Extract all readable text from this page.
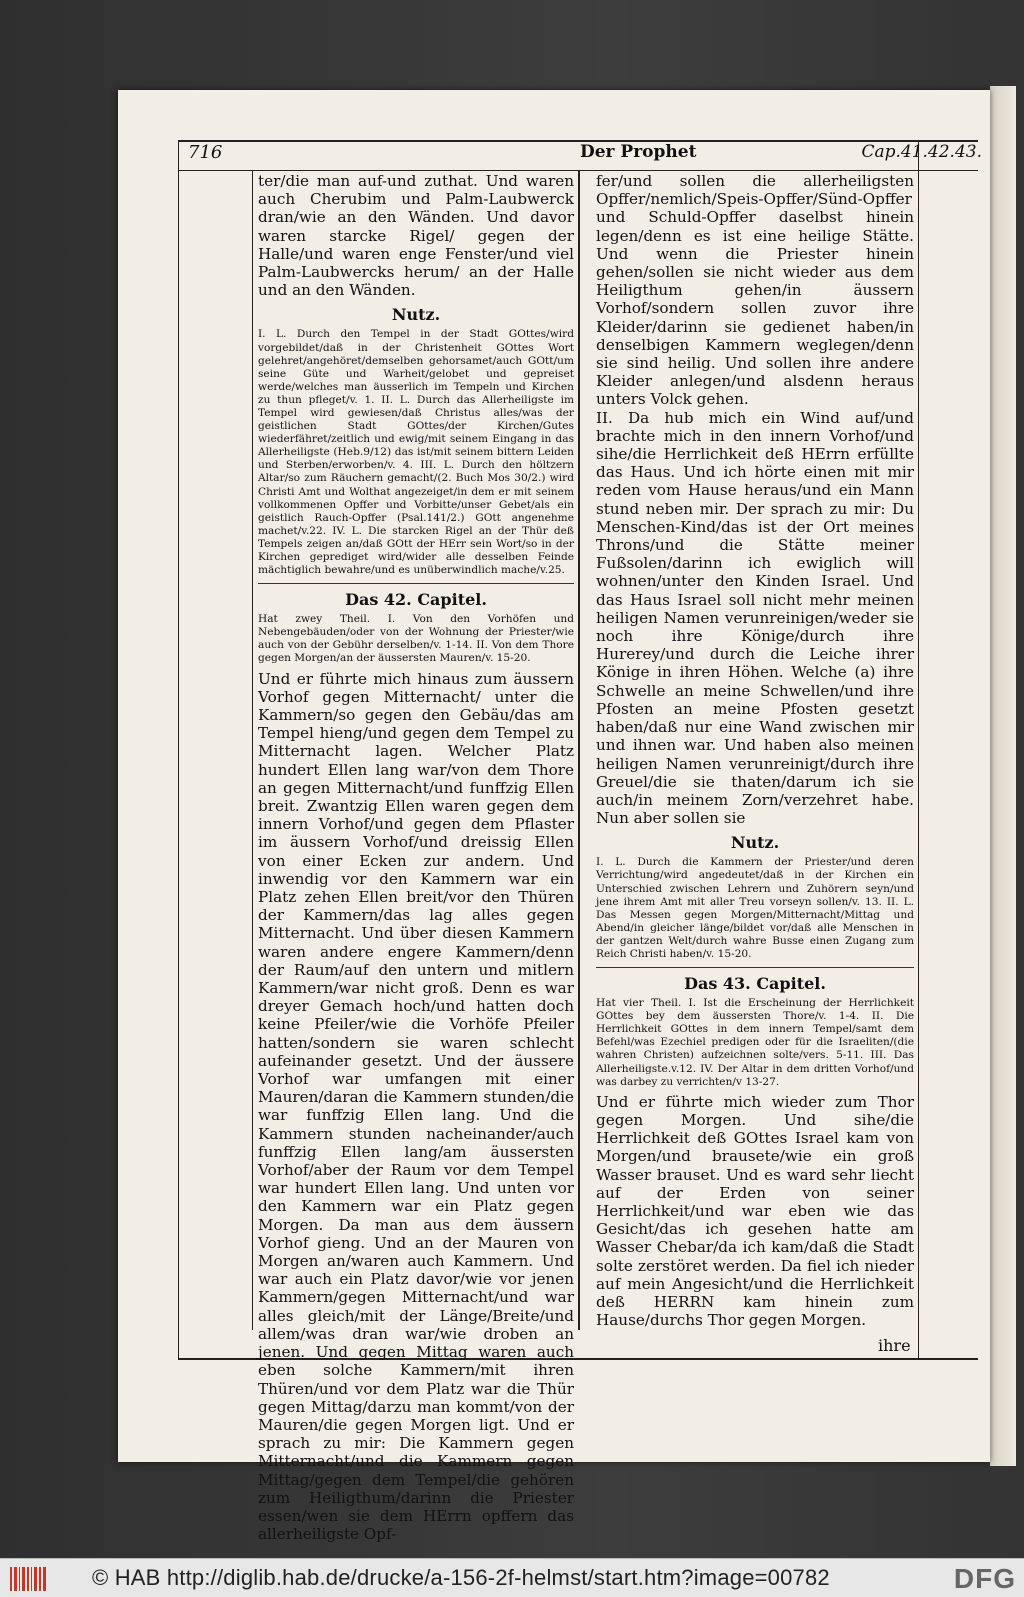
716	Der Prophet	Cap.41.42.43.

ter/die man auf-und zuthat. Und waren auch Cherubim und Palm-Laubwerck dran/wie an den Wänden. Und davor waren starcke Rigel/ gegen der Halle/und waren enge Fenster/und viel Palm-Laubwercks herum/ an der Halle und an den Wänden.

Nutz.

I. L. Durch den Tempel in der Stadt GOttes/wird vorgebildet/daß in der Christenheit GOttes Wort gelehret/angehöret/demselben gehorsamet/auch GOtt/um seine Güte und Warheit/gelobet und gepreiset werde/welches man äusserlich im Tempeln und Kirchen zu thun pfleget/v. 1. II. L. Durch das Allerheiligste im Tempel wird gewiesen/daß Christus alles/was der geistlichen Stadt GOttes/der Kirchen/Gutes wiederfähret/zeitlich und ewig/mit seinem Eingang in das Allerheiligste (Heb.9/12) das ist/mit seinem bittern Leiden und Sterben/erworben/v. 4. III. L. Durch den höltzern Altar/so zum Räuchern gemacht/(2. Buch Mos 30/2.) wird Christi Amt und Wolthat angezeiget/in dem er mit seinem vollkommenen Opffer und Vorbitte/unser Gebet/als ein geistlich Rauch-Opffer (Psal.141/2.) GOtt angenehme machet/v.22. IV. L. Die starcken Rigel an der Thür deß Tempels zeigen an/daß GOtt der HErr sein Wort/so in der Kirchen geprediget wird/wider alle desselben Feinde mächtiglich bewahre/und es unüberwindlich mache/v.25.

Das 42. Capitel.

Hat zwey Theil. I. Von den Vorhöfen und Nebengebäuden/oder von der Wohnung der Priester/wie auch von der Gebühr derselben/v. 1-14. II. Von dem Thore gegen Morgen/an der äussersten Mauren/v. 15-20.

Und er führte mich hinaus zum äussern Vorhof gegen Mitternacht/ unter die Kammern/so gegen den Gebäu/das am Tempel hieng/und gegen dem Tempel zu Mitternacht lagen. Welcher Platz hundert Ellen lang war/von dem Thore an gegen Mitternacht/und funffzig Ellen breit. Zwantzig Ellen waren gegen dem innern Vorhof/und gegen dem Pflaster im äussern Vorhof/und dreissig Ellen von einer Ecken zur andern. Und inwendig vor den Kammern war ein Platz zehen Ellen breit/vor den Thüren der Kammern/das lag alles gegen Mitternacht. Und über diesen Kammern waren andere engere Kammern/denn der Raum/auf den untern und mitlern Kammern/war nicht groß. Denn es war dreyer Gemach hoch/und hatten doch keine Pfeiler/wie die Vorhöfe Pfeiler hatten/sondern sie waren schlecht aufeinander gesetzt. Und der äussere Vorhof war umfangen mit einer Mauren/daran die Kammern stunden/die war funffzig Ellen lang. Und die Kammern stunden nacheinander/auch funffzig Ellen lang/am äussersten Vorhof/aber der Raum vor dem Tempel war hundert Ellen lang. Und unten vor den Kammern war ein Platz gegen Morgen. Da man aus dem äussern Vorhof gieng. Und an der Mauren von Morgen an/waren auch Kammern. Und war auch ein Platz davor/wie vor jenen Kammern/gegen Mitternacht/und war alles gleich/mit der Länge/Breite/und allem/was dran war/wie droben an jenen. Und gegen Mittag waren auch eben solche Kammern/mit ihren Thüren/und vor dem Platz war die Thür gegen Mittag/darzu man kommt/von der Mauren/die gegen Morgen ligt. Und er sprach zu mir: Die Kammern gegen Mitternacht/und die Kammern gegen Mittag/gegen dem Tempel/die gehören zum Heiligthum/darinn die Priester essen/wen sie dem HErrn opffern das allerheiligste Opf-

fer/und sollen die allerheiligsten Opffer/nemlich/Speis-Opffer/Sünd-Opffer und Schuld-Opffer daselbst hinein legen/denn es ist eine heilige Stätte. Und wenn die Priester hinein gehen/sollen sie nicht wieder aus dem Heiligthum gehen/in äussern Vorhof/sondern sollen zuvor ihre Kleider/darinn sie gedienet haben/in denselbigen Kammern weglegen/denn sie sind heilig. Und sollen ihre andere Kleider anlegen/und alsdenn heraus unters Volck gehen.

II. Da hub mich ein Wind auf/und brachte mich in den innern Vorhof/und sihe/die Herrlichkeit deß HErrn erfüllte das Haus. Und ich hörte einen mit mir reden vom Hause heraus/und ein Mann stund neben mir. Der sprach zu mir: Du Menschen-Kind/das ist der Ort meines Throns/und die Stätte meiner Fußsolen/darinn ich ewiglich will wohnen/unter den Kinden Israel. Und das Haus Israel soll nicht mehr meinen heiligen Namen verunreinigen/weder sie noch ihre Könige/durch ihre Hurerey/und durch die Leiche ihrer Könige in ihren Höhen. Welche (a) ihre Schwelle an meine Schwellen/und ihre Pfosten an meine Pfosten gesetzt haben/daß nur eine Wand zwischen mir und ihnen war. Und haben also meinen heiligen Namen verunreinigt/durch ihre Greuel/die sie thaten/darum ich sie auch/in meinem Zorn/verzehret habe. Nun aber sollen sie

Nutz.

I. L. Durch die Kammern der Priester/und deren Verrichtung/wird angedeutet/daß in der Kirchen ein Unterschied zwischen Lehrern und Zuhörern seyn/und jene ihrem Amt mit aller Treu vorseyn sollen/v. 13. II. L. Das Messen gegen Morgen/Mitternacht/Mittag und Abend/in gleicher länge/bildet vor/daß alle Menschen in der gantzen Welt/durch wahre Busse einen Zugang zum Reich Christi haben/v. 15-20.

Das 43. Capitel.

Hat vier Theil. I. Ist die Erscheinung der Herrlichkeit GOttes bey dem äussersten Thore/v. 1-4. II. Die Herrlichkeit GOttes in dem innern Tempel/samt dem Befehl/was Ezechiel predigen oder für die Israeliten/(die wahren Christen) aufzeichnen solte/vers. 5-11. III. Das Allerheiligste.v.12. IV. Der Altar in dem dritten Vorhof/und was darbey zu verrichten/v 13-27.

Und er führte mich wieder zum Thor gegen Morgen. Und sihe/die Herrlichkeit deß GOttes Israel kam von Morgen/und brausete/wie ein groß Wasser brauset. Und es ward sehr liecht auf der Erden von seiner Herrlichkeit/und war eben wie das Gesicht/das ich gesehen hatte am Wasser Chebar/da ich kam/daß die Stadt solte zerstöret werden. Da fiel ich nieder auf mein Angesicht/und die Herrlichkeit deß HERRN kam hinein zum Hause/durchs Thor gegen Morgen.

ihre
© HAB http://diglib.hab.de/drucke/a-156-2f-helmst/start.htm?image=00782	DFG
